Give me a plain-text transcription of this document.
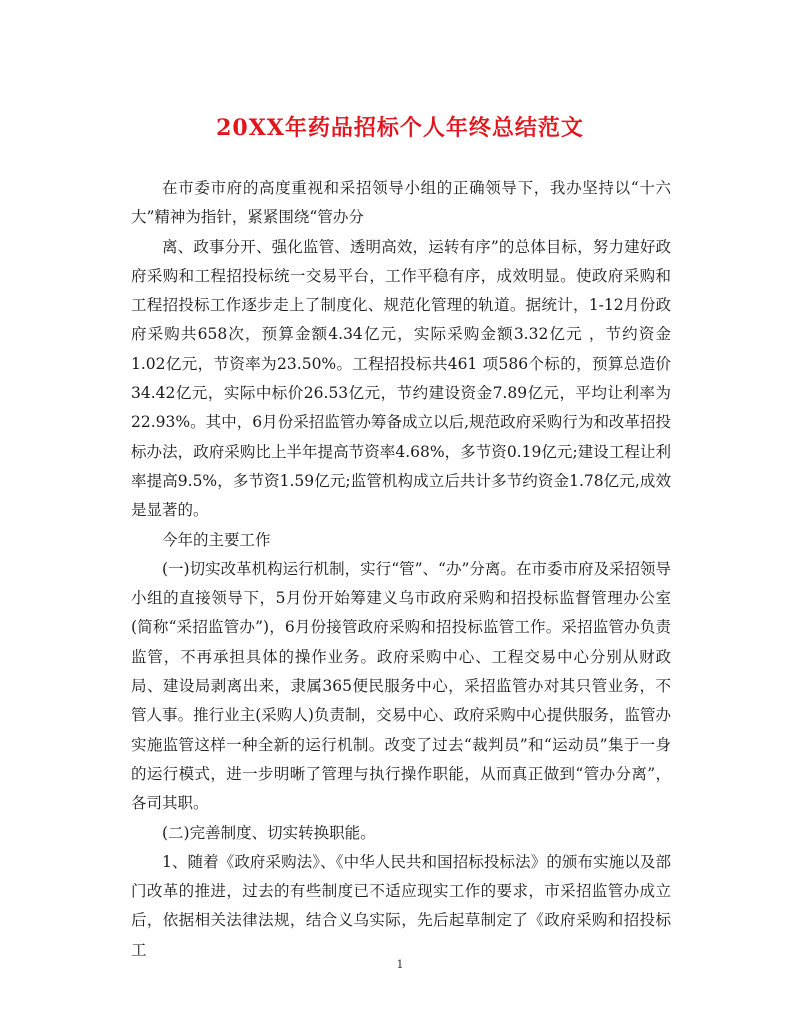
20XX年药品招标个人年终总结范文

在市委市府的高度重视和采招领导小组的正确领导下，我办坚持以“十六大”精神为指针，紧紧围绕“管办分

离、政事分开、强化监管、透明高效，运转有序”的总体目标，努力建好政府采购和工程招投标统一交易平台，工作平稳有序，成效明显。使政府采购和工程招投标工作逐步走上了制度化、规范化管理的轨道。据统计，1-12月份政府采购共658次，预算金额4.34亿元，实际采购金额3.32亿元 ，节约资金1.02亿元，节资率为23.50%。工程招投标共461 项586个标的，预算总造价34.42亿元，实际中标价26.53亿元，节约建设资金7.89亿元，平均让利率为22.93%。其中，6月份采招监管办筹备成立以后,规范政府采购行为和改革招投标办法，政府采购比上半年提高节资率4.68%，多节资0.19亿元;建设工程让利率提高9.5%，多节资1.59亿元;监管机构成立后共计多节约资金1.78亿元,成效是显著的。

今年的主要工作

(一)切实改革机构运行机制，实行“管”、“办”分离。在市委市府及采招领导小组的直接领导下，5月份开始筹建义乌市政府采购和招投标监督管理办公室(简称“采招监管办”)，6月份接管政府采购和招投标监管工作。采招监管办负责监管，不再承担具体的操作业务。政府采购中心、工程交易中心分别从财政局、建设局剥离出来，隶属365便民服务中心，采招监管办对其只管业务，不管人事。推行业主(采购人)负责制，交易中心、政府采购中心提供服务，监管办实施监管这样一种全新的运行机制。改变了过去“裁判员”和“运动员”集于一身的运行模式，进一步明晰了管理与执行操作职能，从而真正做到“管办分离”，各司其职。

(二)完善制度、切实转换职能。

1、随着《政府采购法》、《中华人民共和国招标投标法》的颁布实施以及部门改革的推进，过去的有些制度已不适应现实工作的要求，市采招监管办成立后，依据相关法律法规，结合义乌实际，先后起草制定了《政府采购和招投标工

1
